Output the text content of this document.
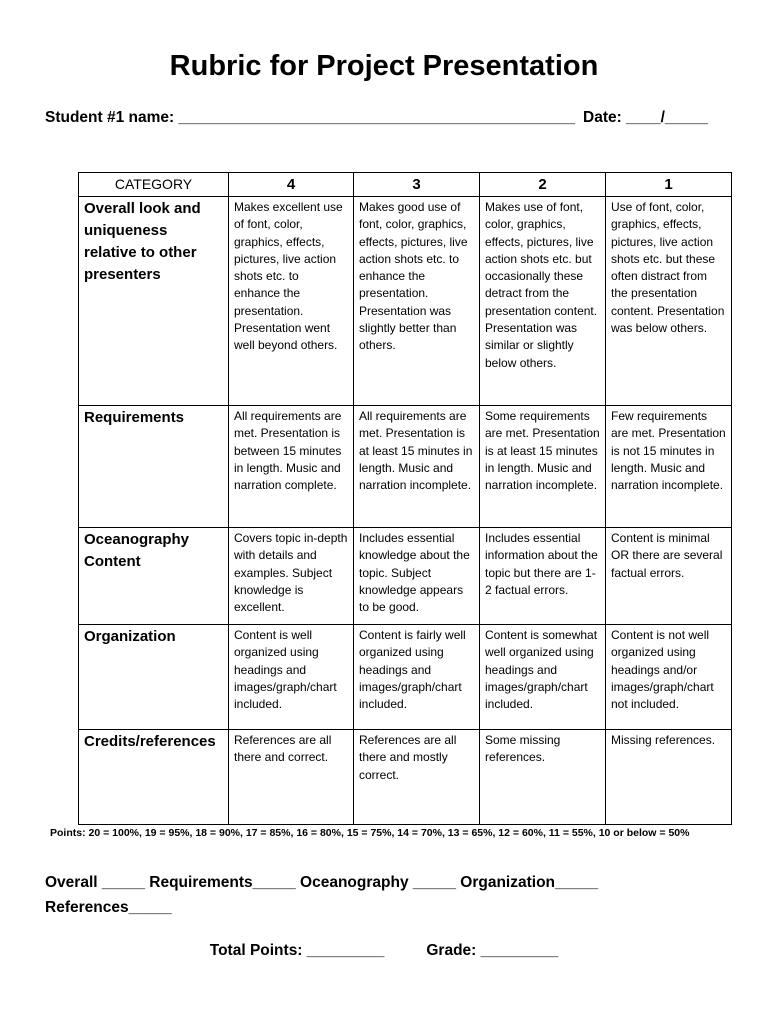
Rubric for Project Presentation
Student #1 name: ______________________________________________ Date: ____/_____
CATEGORY	4	3	2	1
Overall look and uniqueness relative to other presenters	Makes excellent use of font, color, graphics, effects, pictures, live action shots etc. to enhance the presentation. Presentation went well beyond others.	Makes good use of font, color, graphics, effects, pictures, live action shots etc. to enhance the presentation. Presentation was slightly better than others.	Makes use of font, color, graphics, effects, pictures, live action shots etc. but occasionally these detract from the presentation content. Presentation was similar or slightly below others.	Use of font, color, graphics, effects, pictures, live action shots etc. but these often distract from the presentation content. Presentation was below others.
Requirements	All requirements are met. Presentation is between 15 minutes in length. Music and narration complete.	All requirements are met. Presentation is at least 15 minutes in length. Music and narration incomplete.	Some requirements are met. Presentation is at least 15 minutes in length. Music and narration incomplete.	Few requirements are met. Presentation is not 15 minutes in length. Music and narration incomplete.
Oceanography Content	Covers topic in-depth with details and examples. Subject knowledge is excellent.	Includes essential knowledge about the topic. Subject knowledge appears to be good.	Includes essential information about the topic but there are 1-2 factual errors.	Content is minimal OR there are several factual errors.
Organization	Content is well organized using headings and images/graph/chart included.	Content is fairly well organized using headings and images/graph/chart included.	Content is somewhat well organized using headings and images/graph/chart included.	Content is not well organized using headings and/or images/graph/chart not included.
Credits/references	References are all there and correct.	References are all there and mostly correct.	Some missing references.	Missing references.
Points: 20 = 100%, 19 = 95%, 18 = 90%, 17 = 85%, 16 = 80%, 15 = 75%, 14 = 70%, 13 = 65%, 12 = 60%, 11 = 55%, 10 or below = 50%
Overall _____ Requirements_____ Oceanography _____ Organization_____
References_____
Total Points: _________	Grade: _________
